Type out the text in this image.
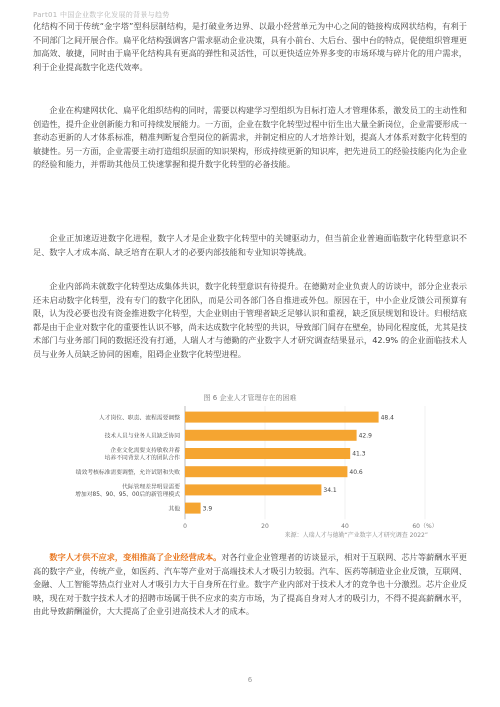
Part01 中国企业数字化发展的背景与趋势

化结构不同于传统“金字塔”型科层制结构，是打破业务边界、以最小经营单元为中心之间的链接构成网状结构，有利于不同部门之间开展合作。扁平化结构强调客户需求驱动企业决策，具有小前台、大后台、强中台的特点，促使组织管理更加高效、敏捷，同时由于扁平化结构具有更高的弹性和灵活性，可以更快适应外界多变的市场环境与碎片化的用户需求，利于企业提高数字化迭代效率。

企业在构建网状化、扁平化组织结构的同时，需要以构建学习型组织为目标打造人才管理体系，激发员工的主动性和创造性，提升企业创新能力和可持续发展能力。一方面，企业在数字化转型过程中衍生出大量全新岗位，企业需要形成一套动态更新的人才体系标准，精准判断复合型岗位的新需求，并制定相应的人才培养计划，提高人才体系对数字化转型的敏捷性。另一方面，企业需要主动打造组织层面的知识架构，形成持续更新的知识库，把先进员工的经验技能内化为企业的经验和能力，并帮助其他员工快速掌握和提升数字化转型的必备技能。

企业正加速迈进数字化进程，数字人才是企业数字化转型中的关键驱动力，但当前企业普遍面临数字化转型意识不足、数字人才成本高、缺乏培育在职人才的必要内部技能和专业知识等挑战。

企业内部尚未就数字化转型达成集体共识，数字化转型意识有待提升。在德勤对企业负责人的访谈中，部分企业表示还未启动数字化转型，没有专门的数字化团队，而是公司各部门各自推进或外包。原因在于，中小企业反馈公司预算有限，认为没必要也没有资金推进数字化转型，大企业则由于管理者缺乏足够认识和重视，缺乏顶层规划和设计。归根结底都是由于企业对数字化的重要性认识不够，尚未达成数字化转型的共识，导致部门间存在壁垒，协同化程度低，尤其是技术部门与业务部门间的数据还没有打通，人瑞人才与德勤的产业数字人才研究调查结果显示，42.9% 的企业面临技术人员与业务人员缺乏协同的困难，阻碍企业数字化转型进程。

图 6 企业人才管理存在的困难
人才岗位、职责、流程需要调整
技术人员与业务人员缺乏协同
企业文化需要支持敏收并蓄
培养不同背景人才的团队合作
绩效考核标准需要调整，允许试错和失败
代际管理差异明显需要
增加对85、90、95、00后的新管理模式
其他
48.4
42.9
41.3
40.6
34.1
3.9
0	20	40	60（%）
来源：人瑞人才与德勤“产业数字人才研究调查 2022”

数字人才供不应求，变相推高了企业经营成本。对各行业企业管理者的访谈显示，相对于互联网、芯片等薪酬水平更高的数字产业，传统产业，如医药、汽车等产业对于高端技术人才吸引力较弱。汽车、医药等制造业企业反馈，互联网、金融、人工智能等热点行业对人才吸引力大于自身所在行业。数字产业内部对于技术人才的竞争也十分激烈。芯片企业反映，现在对于数字技术人才的招聘市场属于供不应求的卖方市场，为了提高自身对人才的吸引力，不得不提高薪酬水平，由此导致薪酬溢价，大大提高了企业引进高技术人才的成本。

6
